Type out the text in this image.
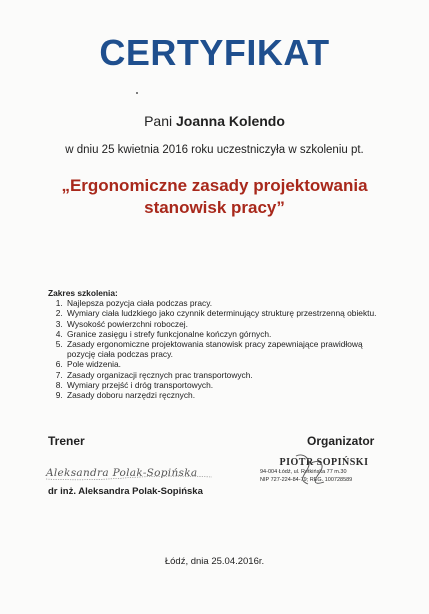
CERTYFIKAT
Pani Joanna Kolendo
w dniu 25 kwietnia 2016 roku uczestniczyła w szkoleniu pt.
„Ergonomiczne zasady projektowania
stanowisk pracy”
Zakres szkolenia:
1. Najlepsza pozycja ciała podczas pracy.
2. Wymiary ciała ludzkiego jako czynnik determinujący strukturę przestrzenną obiektu.
3. Wysokość powierzchni roboczej.
4. Granice zasięgu i strefy funkcjonalne kończyn górnych.
5. Zasady ergonomiczne projektowania stanowisk pracy zapewniające prawidłową pozycję ciała podczas pracy.
6. Pole widzenia.
7. Zasady organizacji ręcznych prac transportowych.
8. Wymiary przejść i dróg transportowych.
9. Zasady doboru narzędzi ręcznych.
Trener	Organizator
Aleksandra Polak-Sopińska
dr inż. Aleksandra Polak-Sopińska
PIOTR SOPIŃSKI
94-004 Łódź, ul. Retkińska 77 m.30
NIP 727-224-84-79; REG. 100728589
Łódź, dnia 25.04.2016r.
